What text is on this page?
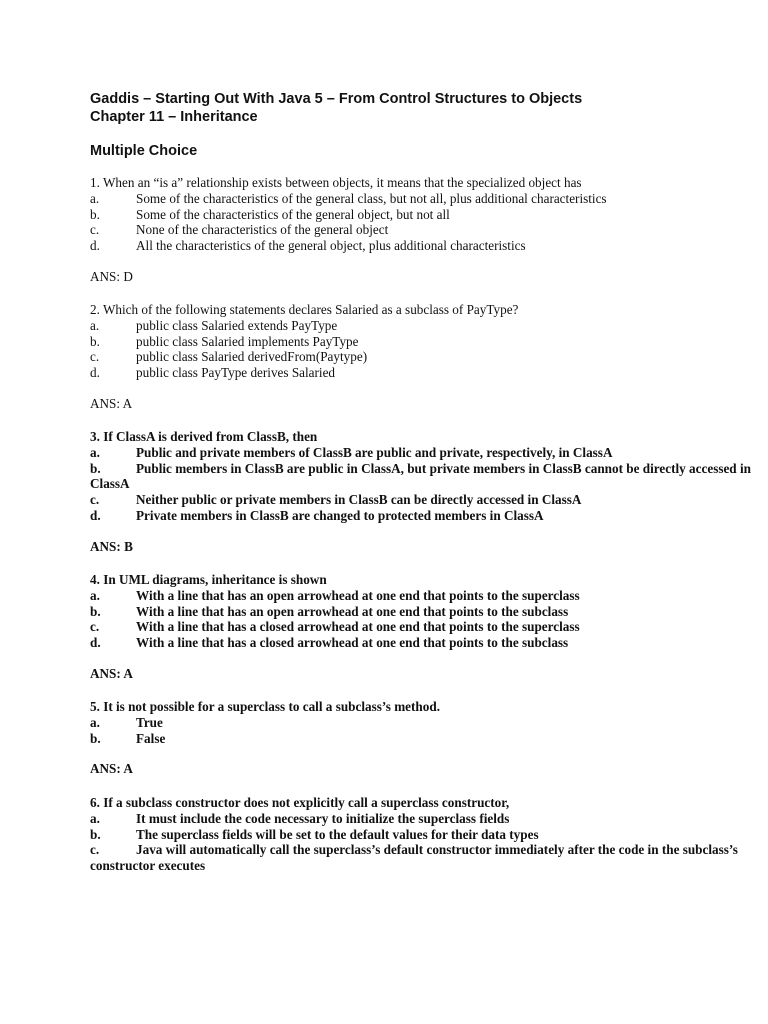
Gaddis – Starting Out With Java 5 – From Control Structures to Objects
Chapter 11 – Inheritance
Multiple Choice
1. When an “is a” relationship exists between objects, it means that the specialized object has
a.	Some of the characteristics of the general class, but not all, plus additional characteristics
b.	Some of the characteristics of the general object, but not all
c.	None of the characteristics of the general object
d.	All the characteristics of the general object, plus additional characteristics
ANS: D
2. Which of the following statements declares Salaried as a subclass of PayType?
a.	public class Salaried extends PayType
b.	public class Salaried implements PayType
c.	public class Salaried derivedFrom(Paytype)
d.	public class PayType derives Salaried
ANS: A
3. If ClassA is derived from ClassB, then
a.	Public and private members of ClassB are public and private, respectively, in ClassA
b.	Public members in ClassB are public in ClassA, but private members in ClassB cannot be directly accessed in ClassA
c.	Neither public or private members in ClassB can be directly accessed in ClassA
d.	Private members in ClassB are changed to protected members in ClassA
ANS: B
4. In UML diagrams, inheritance is shown
a.	With a line that has an open arrowhead at one end that points to the superclass
b.	With a line that has an open arrowhead at one end that points to the subclass
c.	With a line that has a closed arrowhead at one end that points to the superclass
d.	With a line that has a closed arrowhead at one end that points to the subclass
ANS: A
5. It is not possible for a superclass to call a subclass’s method.
a.	True
b.	False
ANS: A
6. If a subclass constructor does not explicitly call a superclass constructor,
a.	It must include the code necessary to initialize the superclass fields
b.	The superclass fields will be set to the default values for their data types
c.	Java will automatically call the superclass’s default constructor immediately after the code in the subclass’s constructor executes
